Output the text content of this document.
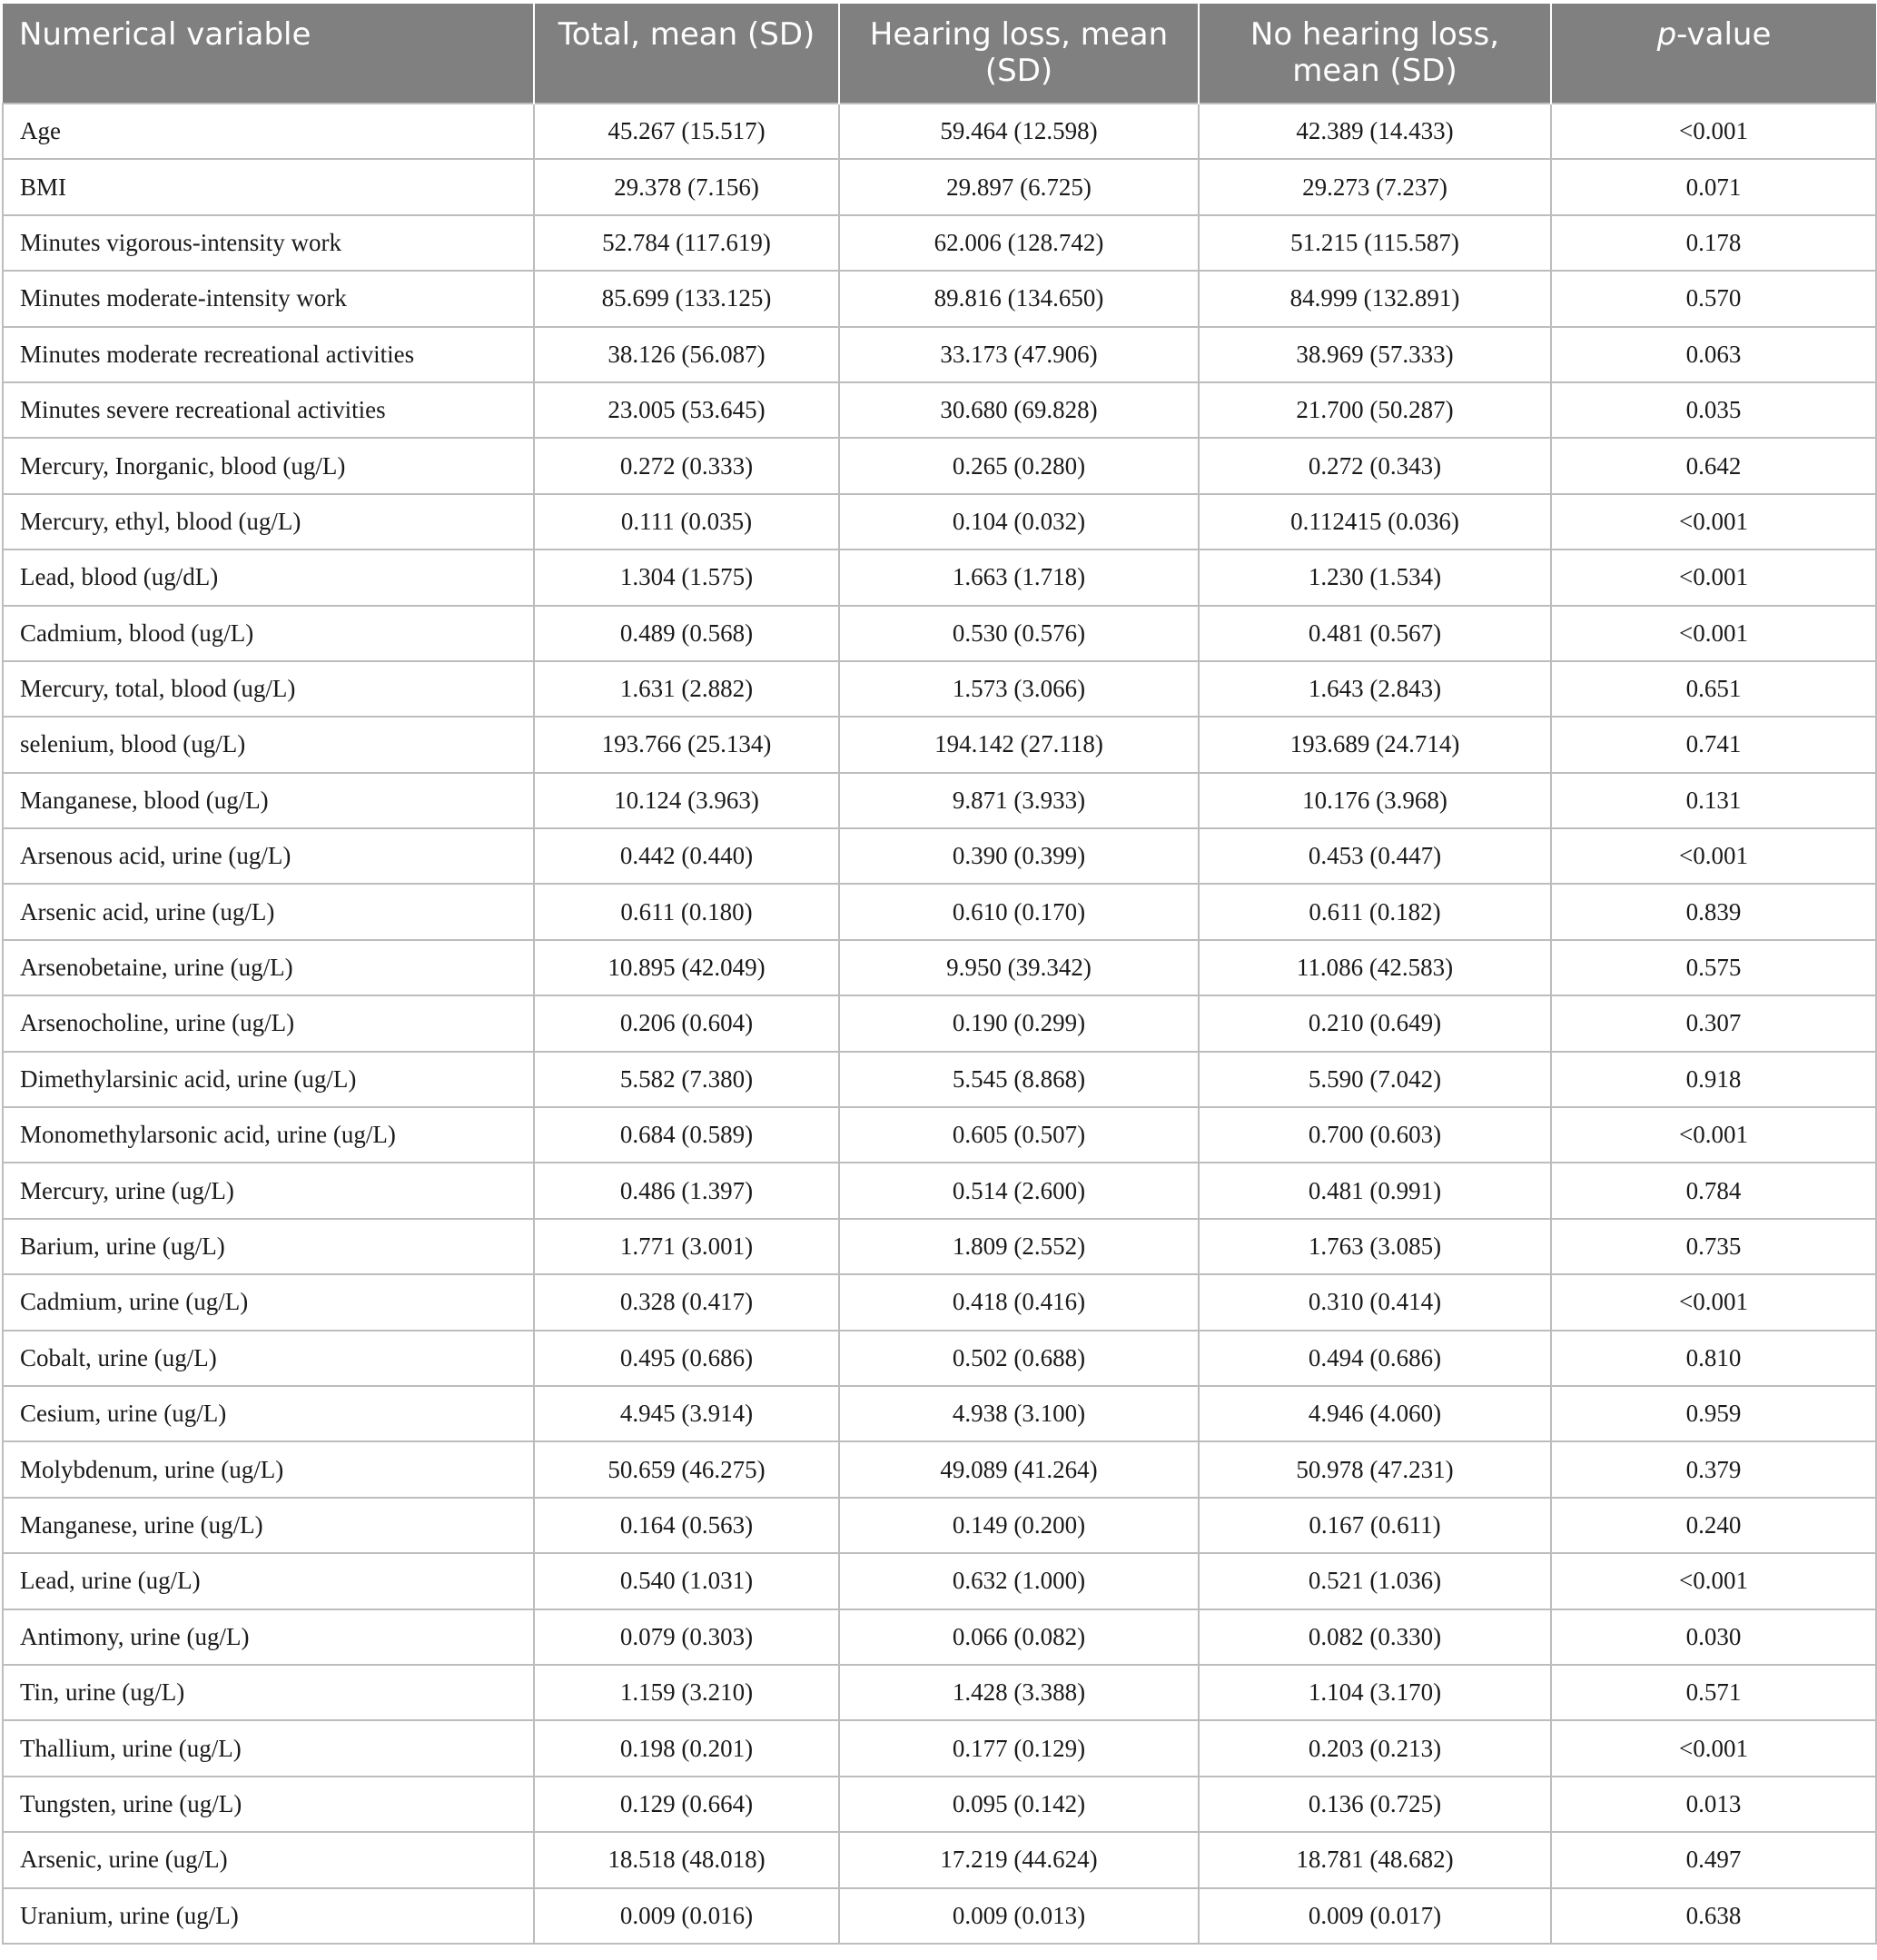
Numerical variable	Total, mean (SD)	Hearing loss, mean (SD)	No hearing loss, mean (SD)	p-value
Age	45.267 (15.517)	59.464 (12.598)	42.389 (14.433)	<0.001
BMI	29.378 (7.156)	29.897 (6.725)	29.273 (7.237)	0.071
Minutes vigorous-intensity work	52.784 (117.619)	62.006 (128.742)	51.215 (115.587)	0.178
Minutes moderate-intensity work	85.699 (133.125)	89.816 (134.650)	84.999 (132.891)	0.570
Minutes moderate recreational activities	38.126 (56.087)	33.173 (47.906)	38.969 (57.333)	0.063
Minutes severe recreational activities	23.005 (53.645)	30.680 (69.828)	21.700 (50.287)	0.035
Mercury, Inorganic, blood (ug/L)	0.272 (0.333)	0.265 (0.280)	0.272 (0.343)	0.642
Mercury, ethyl, blood (ug/L)	0.111 (0.035)	0.104 (0.032)	0.112415 (0.036)	<0.001
Lead, blood (ug/dL)	1.304 (1.575)	1.663 (1.718)	1.230 (1.534)	<0.001
Cadmium, blood (ug/L)	0.489 (0.568)	0.530 (0.576)	0.481 (0.567)	<0.001
Mercury, total, blood (ug/L)	1.631 (2.882)	1.573 (3.066)	1.643 (2.843)	0.651
selenium, blood (ug/L)	193.766 (25.134)	194.142 (27.118)	193.689 (24.714)	0.741
Manganese, blood (ug/L)	10.124 (3.963)	9.871 (3.933)	10.176 (3.968)	0.131
Arsenous acid, urine (ug/L)	0.442 (0.440)	0.390 (0.399)	0.453 (0.447)	<0.001
Arsenic acid, urine (ug/L)	0.611 (0.180)	0.610 (0.170)	0.611 (0.182)	0.839
Arsenobetaine, urine (ug/L)	10.895 (42.049)	9.950 (39.342)	11.086 (42.583)	0.575
Arsenocholine, urine (ug/L)	0.206 (0.604)	0.190 (0.299)	0.210 (0.649)	0.307
Dimethylarsinic acid, urine (ug/L)	5.582 (7.380)	5.545 (8.868)	5.590 (7.042)	0.918
Monomethylarsonic acid, urine (ug/L)	0.684 (0.589)	0.605 (0.507)	0.700 (0.603)	<0.001
Mercury, urine (ug/L)	0.486 (1.397)	0.514 (2.600)	0.481 (0.991)	0.784
Barium, urine (ug/L)	1.771 (3.001)	1.809 (2.552)	1.763 (3.085)	0.735
Cadmium, urine (ug/L)	0.328 (0.417)	0.418 (0.416)	0.310 (0.414)	<0.001
Cobalt, urine (ug/L)	0.495 (0.686)	0.502 (0.688)	0.494 (0.686)	0.810
Cesium, urine (ug/L)	4.945 (3.914)	4.938 (3.100)	4.946 (4.060)	0.959
Molybdenum, urine (ug/L)	50.659 (46.275)	49.089 (41.264)	50.978 (47.231)	0.379
Manganese, urine (ug/L)	0.164 (0.563)	0.149 (0.200)	0.167 (0.611)	0.240
Lead, urine (ug/L)	0.540 (1.031)	0.632 (1.000)	0.521 (1.036)	<0.001
Antimony, urine (ug/L)	0.079 (0.303)	0.066 (0.082)	0.082 (0.330)	0.030
Tin, urine (ug/L)	1.159 (3.210)	1.428 (3.388)	1.104 (3.170)	0.571
Thallium, urine (ug/L)	0.198 (0.201)	0.177 (0.129)	0.203 (0.213)	<0.001
Tungsten, urine (ug/L)	0.129 (0.664)	0.095 (0.142)	0.136 (0.725)	0.013
Arsenic, urine (ug/L)	18.518 (48.018)	17.219 (44.624)	18.781 (48.682)	0.497
Uranium, urine (ug/L)	0.009 (0.016)	0.009 (0.013)	0.009 (0.017)	0.638
